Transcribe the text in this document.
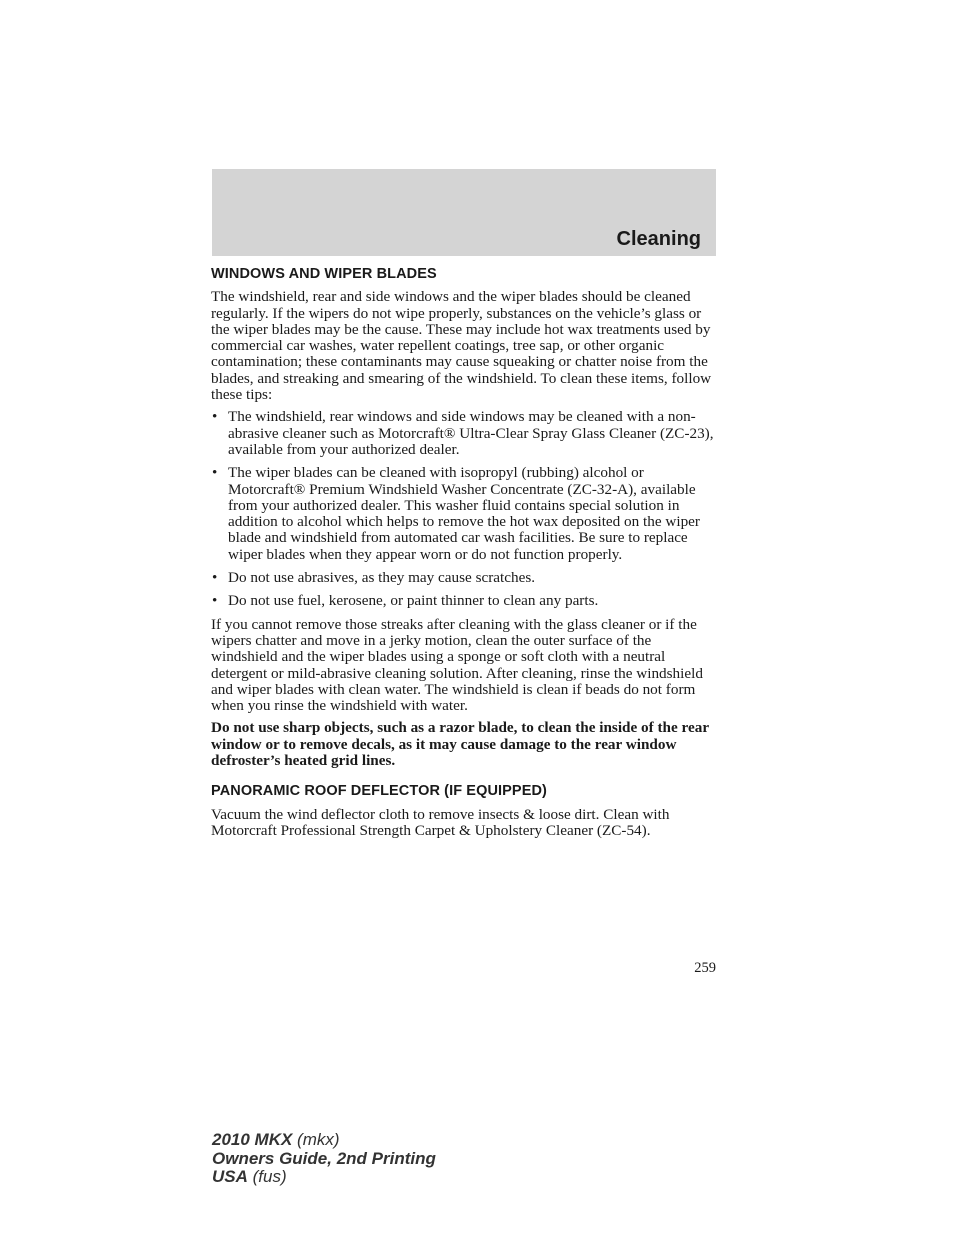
Cleaning
WINDOWS AND WIPER BLADES

The windshield, rear and side windows and the wiper blades should be cleaned regularly. If the wipers do not wipe properly, substances on the vehicle’s glass or the wiper blades may be the cause. These may include hot wax treatments used by commercial car washes, water repellent coatings, tree sap, or other organic contamination; these contaminants may cause squeaking or chatter noise from the blades, and streaking and smearing of the windshield. To clean these items, follow these tips:

• The windshield, rear windows and side windows may be cleaned with a non-abrasive cleaner such as Motorcraft® Ultra-Clear Spray Glass Cleaner (ZC-23), available from your authorized dealer.
• The wiper blades can be cleaned with isopropyl (rubbing) alcohol or Motorcraft® Premium Windshield Washer Concentrate (ZC-32-A), available from your authorized dealer. This washer fluid contains special solution in addition to alcohol which helps to remove the hot wax deposited on the wiper blade and windshield from automated car wash facilities. Be sure to replace wiper blades when they appear worn or do not function properly.
• Do not use abrasives, as they may cause scratches.
• Do not use fuel, kerosene, or paint thinner to clean any parts.

If you cannot remove those streaks after cleaning with the glass cleaner or if the wipers chatter and move in a jerky motion, clean the outer surface of the windshield and the wiper blades using a sponge or soft cloth with a neutral detergent or mild-abrasive cleaning solution. After cleaning, rinse the windshield and wiper blades with clean water. The windshield is clean if beads do not form when you rinse the windshield with water.

Do not use sharp objects, such as a razor blade, to clean the inside of the rear window or to remove decals, as it may cause damage to the rear window defroster’s heated grid lines.

PANORAMIC ROOF DEFLECTOR (IF EQUIPPED)

Vacuum the wind deflector cloth to remove insects & loose dirt. Clean with Motorcraft Professional Strength Carpet & Upholstery Cleaner (ZC-54).

259
2010 MKX (mkx)
Owners Guide, 2nd Printing
USA (fus)
